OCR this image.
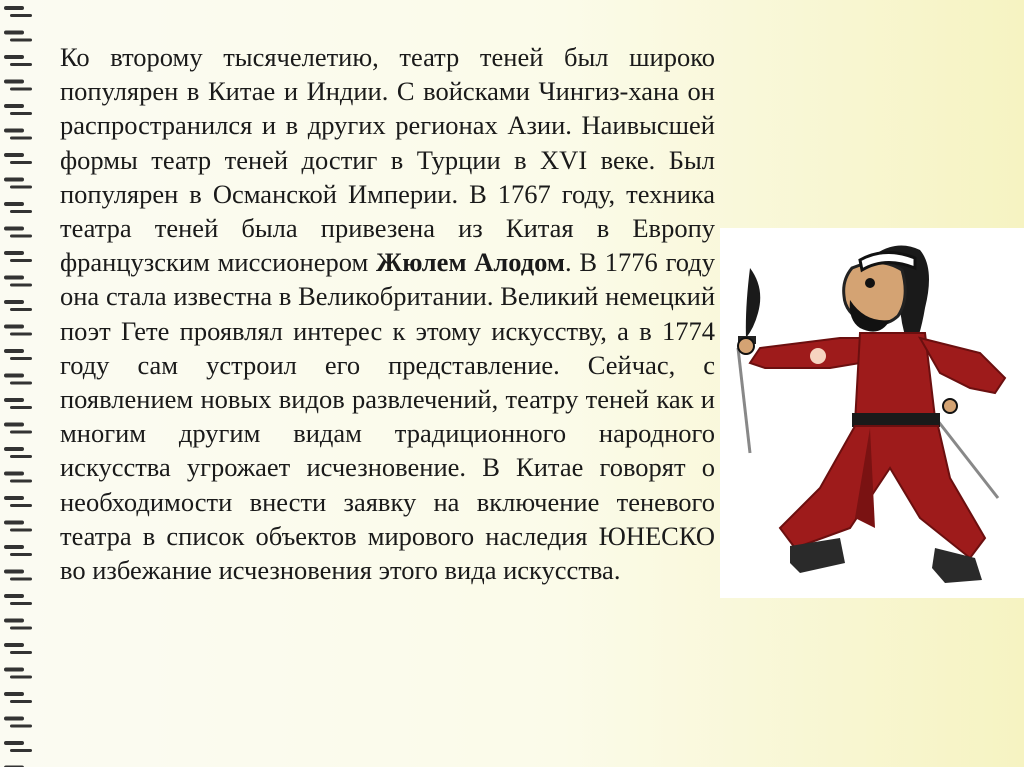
Ко второму тысячелетию, театр теней был широко популярен в Китае и Индии. С войсками Чингиз-хана он распространился и в других регионах Азии. Наивысшей формы театр теней достиг в Турции в XVI веке. Был популярен в Османской Империи. В 1767 году, техника театра теней была привезена из Китая в Европу французским миссионером Жюлем Алодом. В 1776 году она стала известна в Великобритании. Великий немецкий поэт Гете проявлял интерес к этому искусству, а в 1774 году сам устроил его представление. Сейчас, с появлением новых видов развлечений, театру теней как и многим другим видам традиционного народного искусства угрожает исчезновение. В Китае говорят о необходимости внести заявку на включение теневого театра в список объектов мирового наследия ЮНЕСКО во избежание исчезновения этого вида искусства.
